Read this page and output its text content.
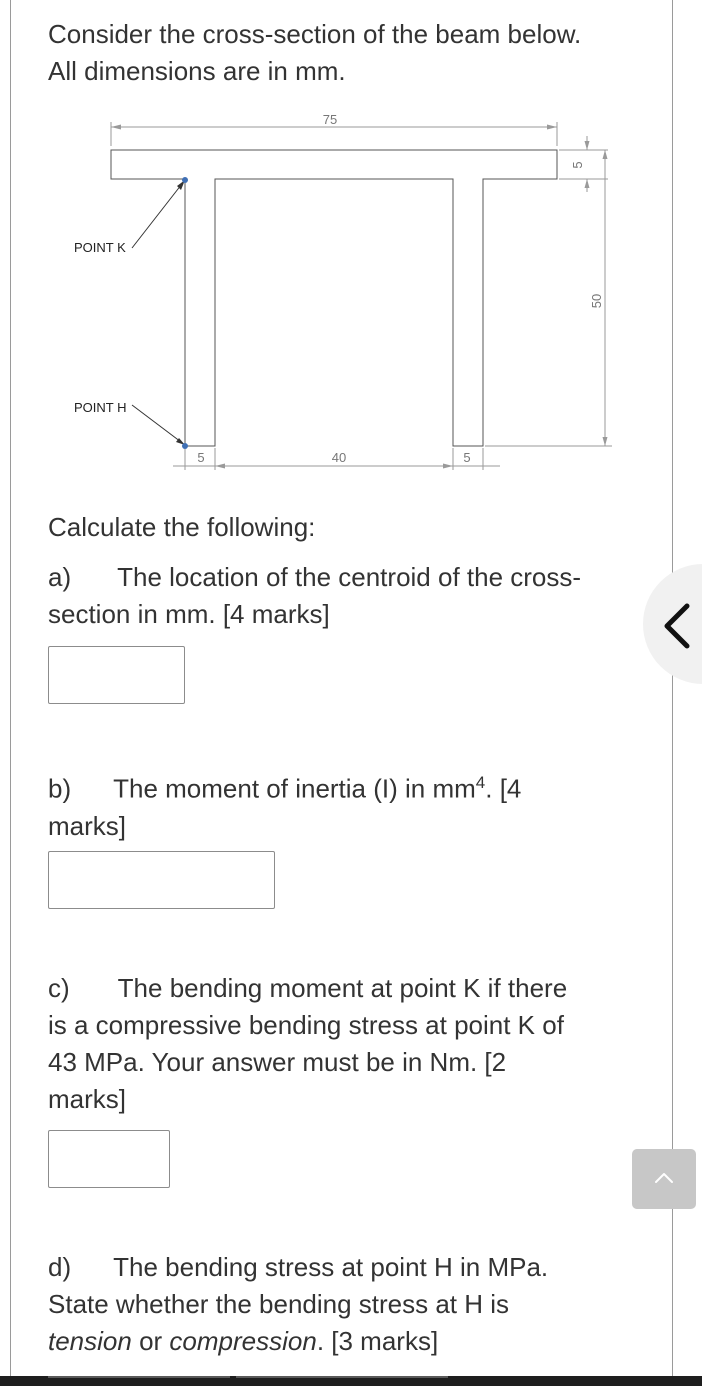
Consider the cross-section of the beam below.
All dimensions are in mm.

75
5
50
5	40	5
POINT K
POINT H

Calculate the following:

a) The location of the centroid of the cross-
section in mm. [4 marks]

b) The moment of inertia (I) in $mm^4$. [4
marks]

c) The bending moment at point K if there
is a compressive bending stress at point K of
43 MPa. Your answer must be in Nm. [2
marks]

d) The bending stress at point H in MPa.
State whether the bending stress at H is
tension or compression. [3 marks]
